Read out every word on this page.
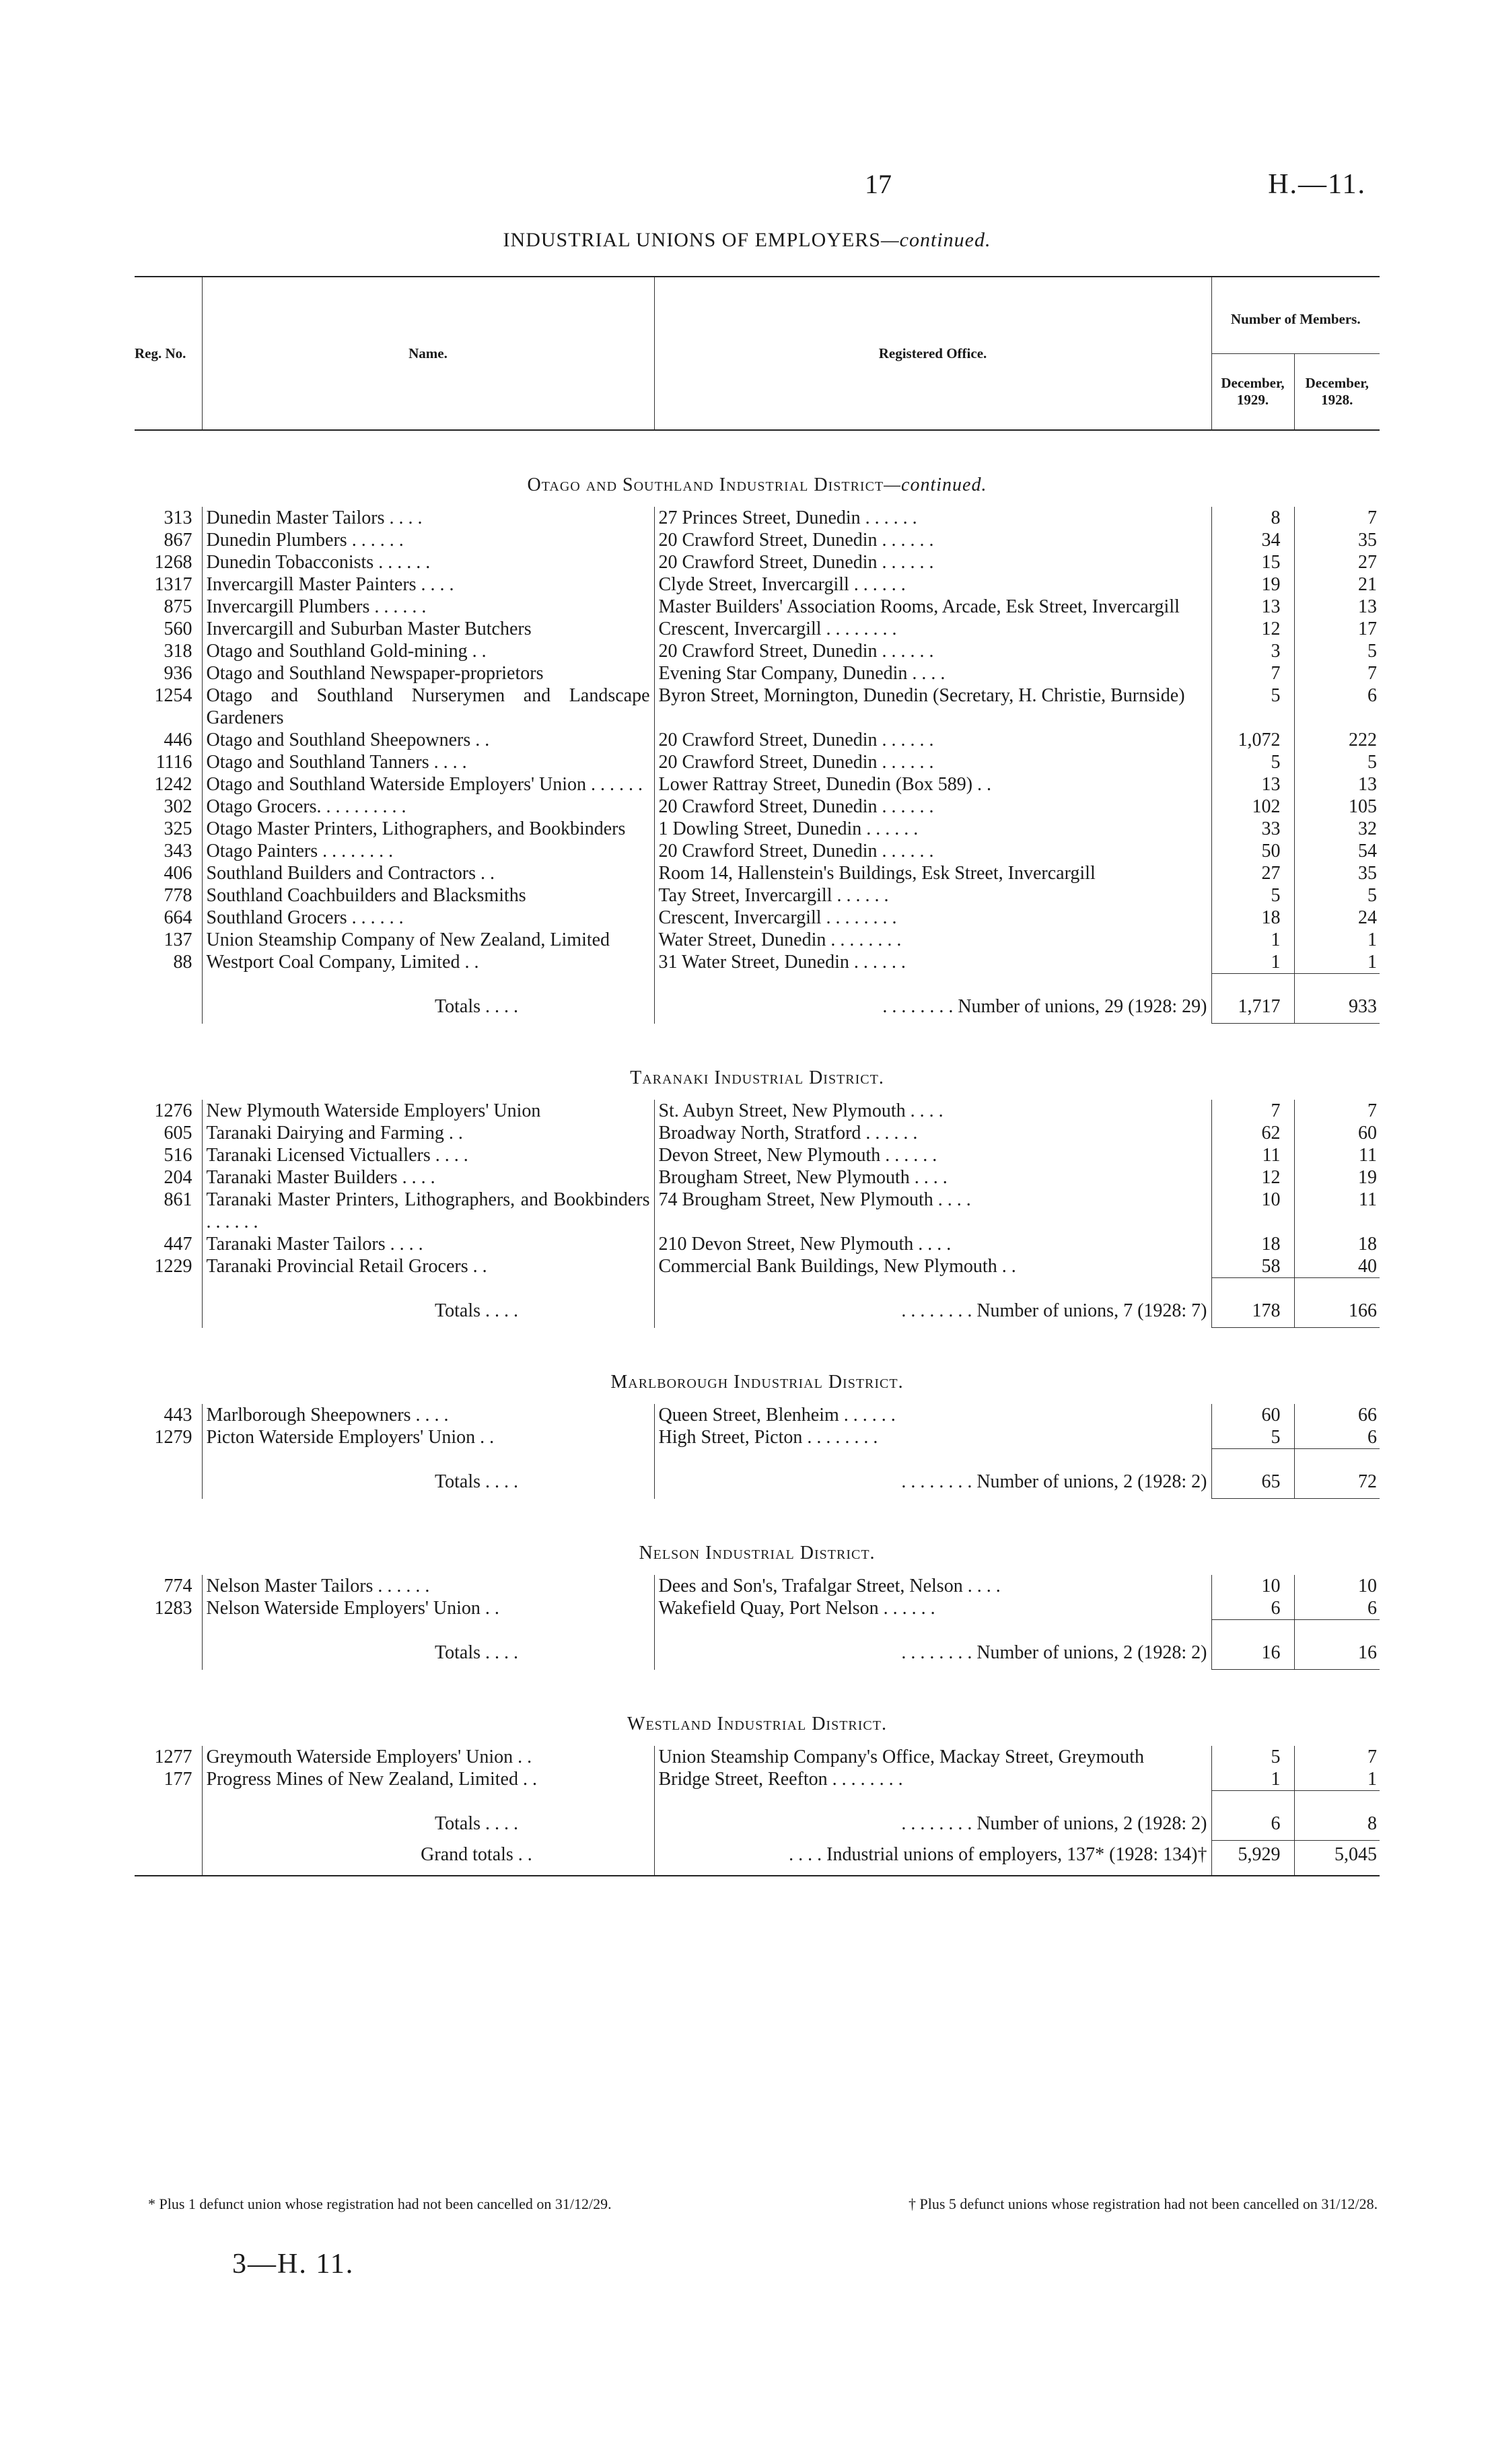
17	H.—11.
INDUSTRIAL UNIONS OF EMPLOYERS—continued.
Reg. No.	Name.	Registered Office.	Number of Members.	
			December, 1929.	December, 1928.
Otago and Southland Industrial District—continued.				
313	Dunedin Master Tailors . . . .	27 Princes Street, Dunedin . . . . . .	8	7
867	Dunedin Plumbers . . . . . .	20 Crawford Street, Dunedin . . . . . .	34	35
1268	Dunedin Tobacconists . . . . . .	20 Crawford Street, Dunedin . . . . . .	15	27
1317	Invercargill Master Painters . . . .	Clyde Street, Invercargill . . . . . .	19	21
875	Invercargill Plumbers . . . . . .	Master Builders' Association Rooms, Arcade, Esk Street, Invercargill	13	13
560	Invercargill and Suburban Master Butchers	Crescent, Invercargill . . . . . . . .	12	17
318	Otago and Southland Gold-mining . .	20 Crawford Street, Dunedin . . . . . .	3	5
936	Otago and Southland Newspaper-proprietors	Evening Star Company, Dunedin . . . .	7	7
1254	Otago and Southland Nurserymen and Landscape Gardeners	Byron Street, Mornington, Dunedin (Secretary, H. Christie, Burnside)	5	6
446	Otago and Southland Sheepowners . .	20 Crawford Street, Dunedin . . . . . .	1,072	222
1116	Otago and Southland Tanners . . . .	20 Crawford Street, Dunedin . . . . . .	5	5
1242	Otago and Southland Waterside Employers' Union . . . . . .	Lower Rattray Street, Dunedin (Box 589) . .	13	13
302	Otago Grocers. . . . . . . . . .	20 Crawford Street, Dunedin . . . . . .	102	105
325	Otago Master Printers, Lithographers, and Bookbinders	1 Dowling Street, Dunedin . . . . . .	33	32
343	Otago Painters . . . . . . . .	20 Crawford Street, Dunedin . . . . . .	50	54
406	Southland Builders and Contractors . .	Room 14, Hallenstein's Buildings, Esk Street, Invercargill	27	35
778	Southland Coachbuilders and Blacksmiths	Tay Street, Invercargill . . . . . .	5	5
664	Southland Grocers . . . . . .	Crescent, Invercargill . . . . . . . .	18	24
137	Union Steamship Company of New Zealand, Limited	Water Street, Dunedin . . . . . . . .	1	1
88	Westport Coal Company, Limited . .	31 Water Street, Dunedin . . . . . .	1	1
	Totals . . . .	. . . . . . . . Number of unions, 29 (1928: 29)	1,717	933
Taranaki Industrial District.				
1276	New Plymouth Waterside Employers' Union	St. Aubyn Street, New Plymouth . . . .	7	7
605	Taranaki Dairying and Farming . .	Broadway North, Stratford . . . . . .	62	60
516	Taranaki Licensed Victuallers . . . .	Devon Street, New Plymouth . . . . . .	11	11
204	Taranaki Master Builders . . . .	Brougham Street, New Plymouth . . . .	12	19
861	Taranaki Master Printers, Lithographers, and Bookbinders . . . . . .	74 Brougham Street, New Plymouth . . . .	10	11
447	Taranaki Master Tailors . . . .	210 Devon Street, New Plymouth . . . .	18	18
1229	Taranaki Provincial Retail Grocers . .	Commercial Bank Buildings, New Plymouth . .	58	40
	Totals . . . .	. . . . . . . . Number of unions, 7 (1928: 7)	178	166
Marlborough Industrial District.				
443	Marlborough Sheepowners . . . .	Queen Street, Blenheim . . . . . .	60	66
1279	Picton Waterside Employers' Union . .	High Street, Picton . . . . . . . .	5	6
	Totals . . . .	. . . . . . . . Number of unions, 2 (1928: 2)	65	72
Nelson Industrial District.				
774	Nelson Master Tailors . . . . . .	Dees and Son's, Trafalgar Street, Nelson . . . .	10	10
1283	Nelson Waterside Employers' Union . .	Wakefield Quay, Port Nelson . . . . . .	6	6
	Totals . . . .	. . . . . . . . Number of unions, 2 (1928: 2)	16	16
Westland Industrial District.				
1277	Greymouth Waterside Employers' Union . .	Union Steamship Company's Office, Mackay Street, Greymouth	5	7
177	Progress Mines of New Zealand, Limited . .	Bridge Street, Reefton . . . . . . . .	1	1
	Totals . . . .	. . . . . . . . Number of unions, 2 (1928: 2)	6	8
	Grand totals . .	. . . . Industrial unions of employers, 137* (1928: 134)†	5,929	5,045
* Plus 1 defunct union whose registration had not been cancelled on 31/12/29.	† Plus 5 defunct unions whose registration had not been cancelled on 31/12/28.
3—H. 11.
